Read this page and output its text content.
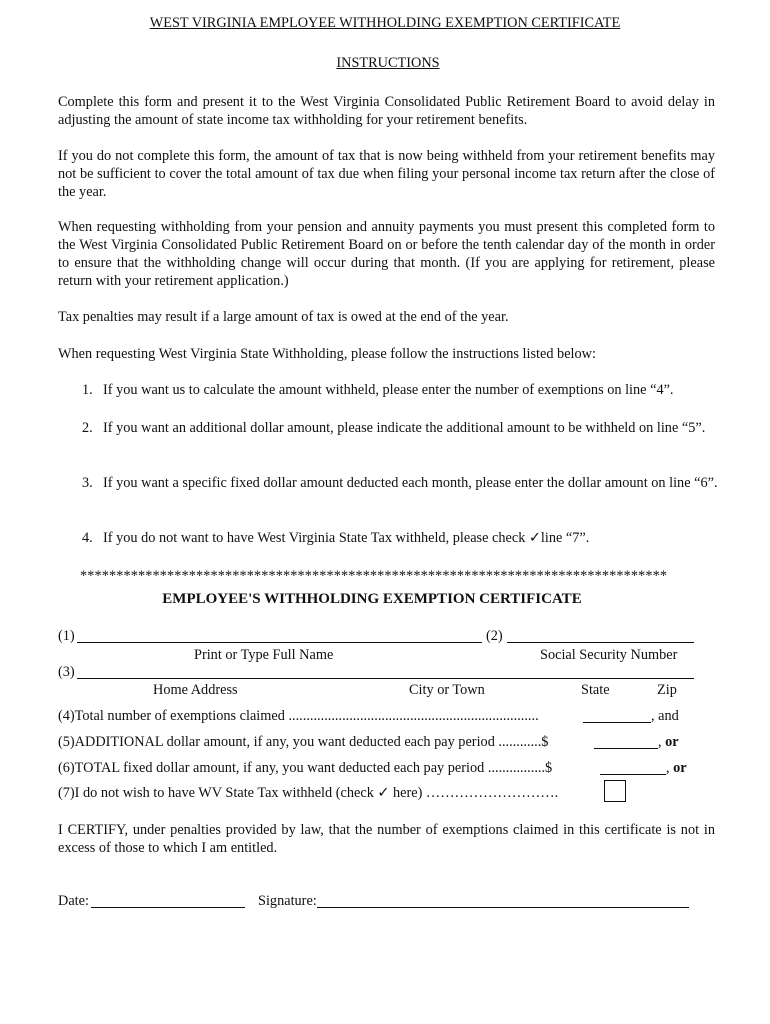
WEST VIRGINIA EMPLOYEE WITHHOLDING EXEMPTION CERTIFICATE
INSTRUCTIONS

Complete this form and present it to the West Virginia Consolidated Public Retirement Board to avoid delay in adjusting the amount of state income tax withholding for your retirement benefits.

If you do not complete this form, the amount of tax that is now being withheld from your retirement benefits may not be sufficient to cover the total amount of tax due when filing your personal income tax return after the close of the year.

When requesting withholding from your pension and annuity payments you must present this completed form to the West Virginia Consolidated Public Retirement Board on or before the tenth calendar day of the month in order to ensure that the withholding change will occur during that month. (If you are applying for retirement, please return with your retirement application.)

Tax penalties may result if a large amount of tax is owed at the end of the year.

When requesting West Virginia State Withholding, please follow the instructions listed below:

1. If you want us to calculate the amount withheld, please enter the number of exemptions on line “4”.
2. If you want an additional dollar amount, please indicate the additional amount to be withheld on line “5”.
3. If you want a specific fixed dollar amount deducted each month, please enter the dollar amount on line “6”.
4. If you do not want to have West Virginia State Tax withheld, please check ✓line “7”.
*********************************************************************************
EMPLOYEE'S WITHHOLDING EXEMPTION CERTIFICATE
(1)	(2)
Print or Type Full Name	Social Security Number
(3)
Home Address	City or Town	State	Zip
(4)Total number of exemptions claimed ......................................................................	, and
(5)ADDITIONAL dollar amount, if any, you want deducted each pay period ............$	, or
(6)TOTAL fixed dollar amount, if any, you want deducted each pay period ................$	, or
(7)I do not wish to have WV State Tax withheld (check ✓ here) ……………………….

I CERTIFY, under penalties provided by law, that the number of exemptions claimed in this certificate is not in excess of those to which I am entitled.

Date:	Signature:
